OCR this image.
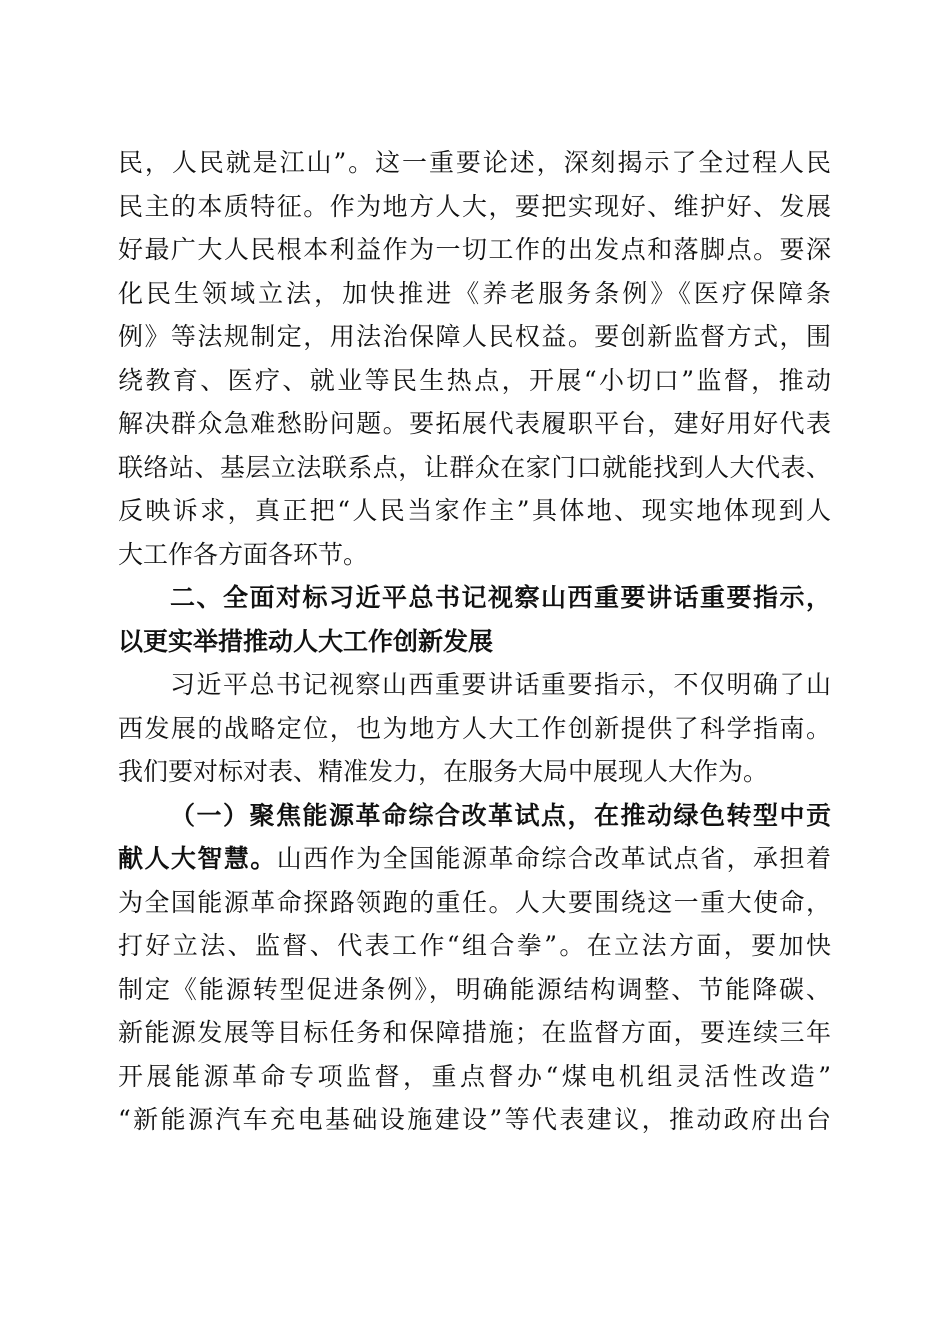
民，人民就是江山”。这一重要论述，深刻揭示了全过程人民
民主的本质特征。作为地方人大，要把实现好、维护好、发展
好最广大人民根本利益作为一切工作的出发点和落脚点。要深
化民生领域立法，加快推进《养老服务条例》《医疗保障条
例》等法规制定，用法治保障人民权益。要创新监督方式，围
绕教育、医疗、就业等民生热点，开展“小切口”监督，推动
解决群众急难愁盼问题。要拓展代表履职平台，建好用好代表
联络站、基层立法联系点，让群众在家门口就能找到人大代表、
反映诉求，真正把“人民当家作主”具体地、现实地体现到人
大工作各方面各环节。
二、全面对标习近平总书记视察山西重要讲话重要指示，
以更实举措推动人大工作创新发展
习近平总书记视察山西重要讲话重要指示，不仅明确了山
西发展的战略定位，也为地方人大工作创新提供了科学指南。
我们要对标对表、精准发力，在服务大局中展现人大作为。
（一）聚焦能源革命综合改革试点，在推动绿色转型中贡
献人大智慧。山西作为全国能源革命综合改革试点省，承担着
为全国能源革命探路领跑的重任。人大要围绕这一重大使命，
打好立法、监督、代表工作“组合拳”。在立法方面，要加快
制定《能源转型促进条例》，明确能源结构调整、节能降碳、
新能源发展等目标任务和保障措施；在监督方面，要连续三年
开展能源革命专项监督，重点督办“煤电机组灵活性改造”
“新能源汽车充电基础设施建设”等代表建议，推动政府出台
